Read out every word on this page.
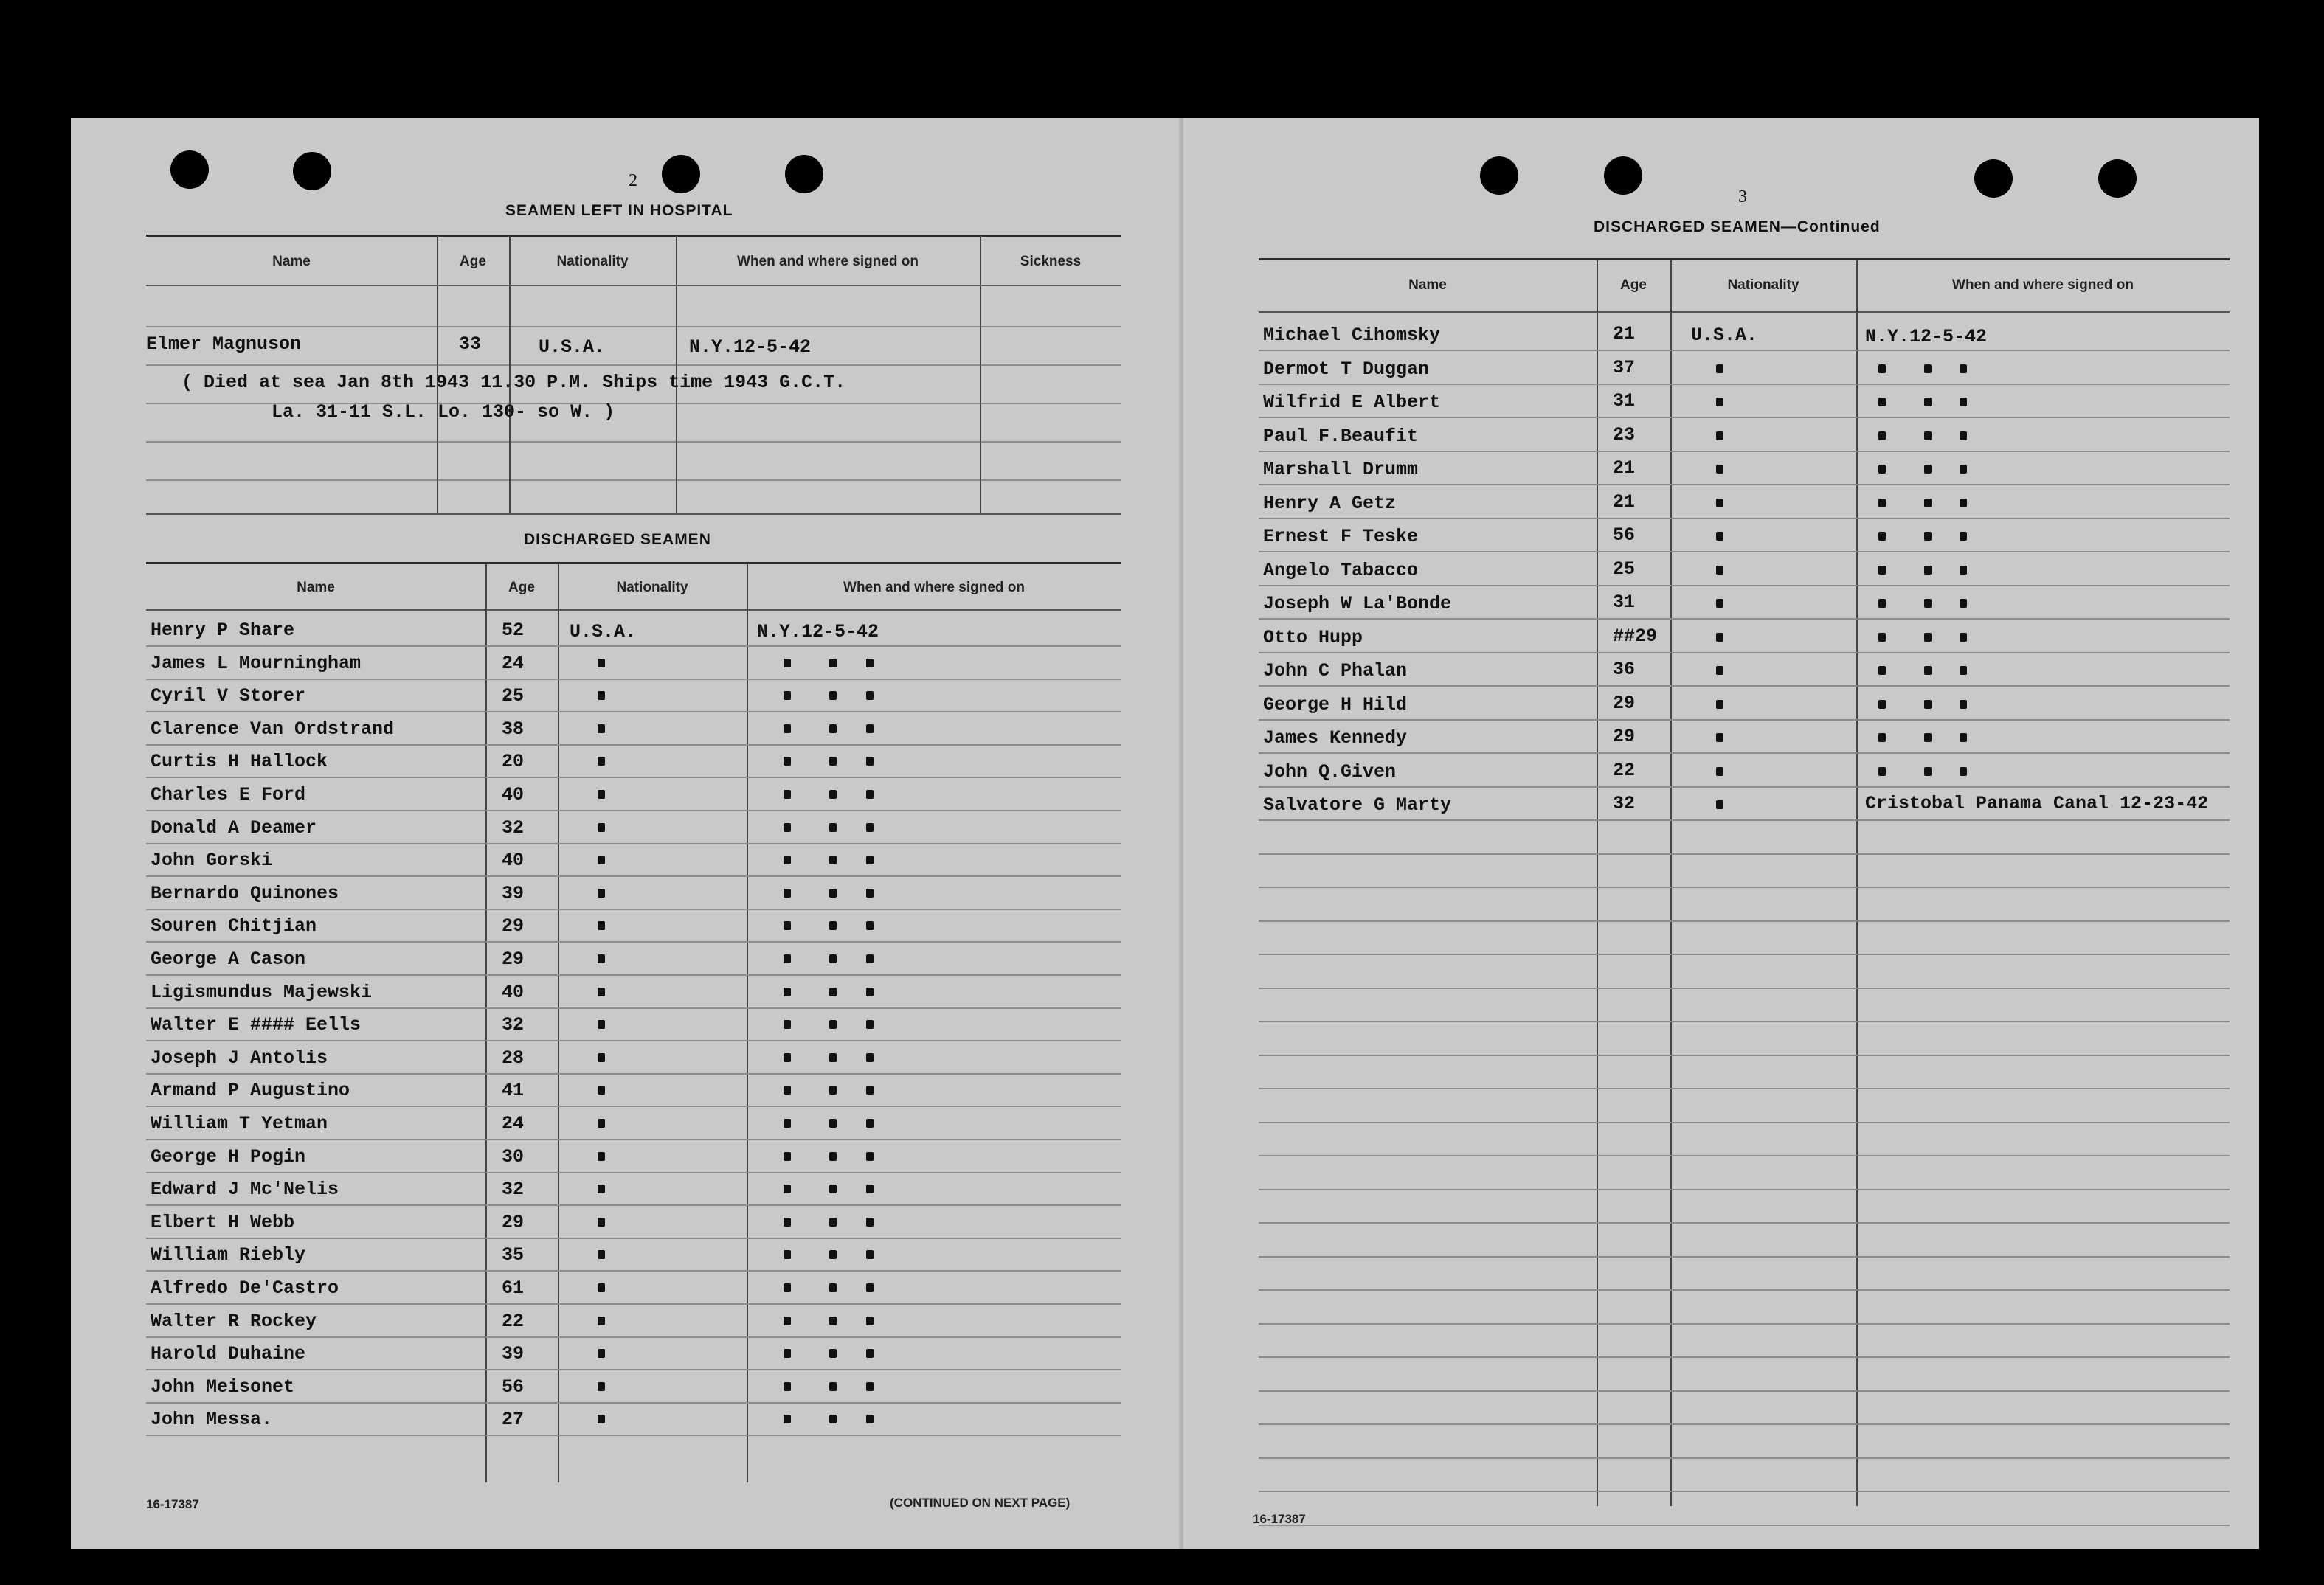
2
SEAMEN LEFT IN HOSPITAL
Name	Age	Nationality	When and where signed on	Sickness
Elmer Magnuson	33	U.S.A.	N.Y.12-5-42
( Died at sea Jan 8th 1943 11.30 P.M. Ships time 1943 G.C.T.
La. 31-11 S.L. Lo. 130- so W. )
DISCHARGED SEAMEN
Name	Age	Nationality	When and where signed on
Henry P Share	52 U.S.A.	N.Y.12-5-42
James L Mourningham	24
Cyril V Storer	25
Clarence Van Ordstrand	38
Curtis H Hallock	20
Charles E Ford	40
Donald A Deamer	32
John Gorski	40
Bernardo Quinones	39
Souren Chitjian	29
George A Cason	29
Ligismundus Majewski	40
Walter E #### Eells	32
Joseph J Antolis	28
Armand P Augustino	41
William T Yetman	24
George H Pogin	30
Edward J Mc'Nelis	32
Elbert H Webb	29
William Riebly	35
Alfredo De'Castro	61
Walter R Rockey	22
Harold Duhaine	39
John Meisonet	56
John Messa.	27
16-17387	(CONTINUED ON NEXT PAGE)
3
DISCHARGED SEAMEN—Continued
Name	Age	Nationality	When and where signed on
Michael Cihomsky	21	U.S.A.	N.Y.12-5-42
Dermot T Duggan	37
Wilfrid E Albert	31
Paul F.Beaufit	23
Marshall Drumm	21
Henry A Getz	21
Ernest F Teske	56
Angelo Tabacco	25
Joseph W La'Bonde	31
Otto Hupp	##29
John C Phalan	36
George H Hild	29
James Kennedy	29
John Q.Given	22
Salvatore G Marty	32	Cristobal Panama Canal 12-23-42
16-17387
